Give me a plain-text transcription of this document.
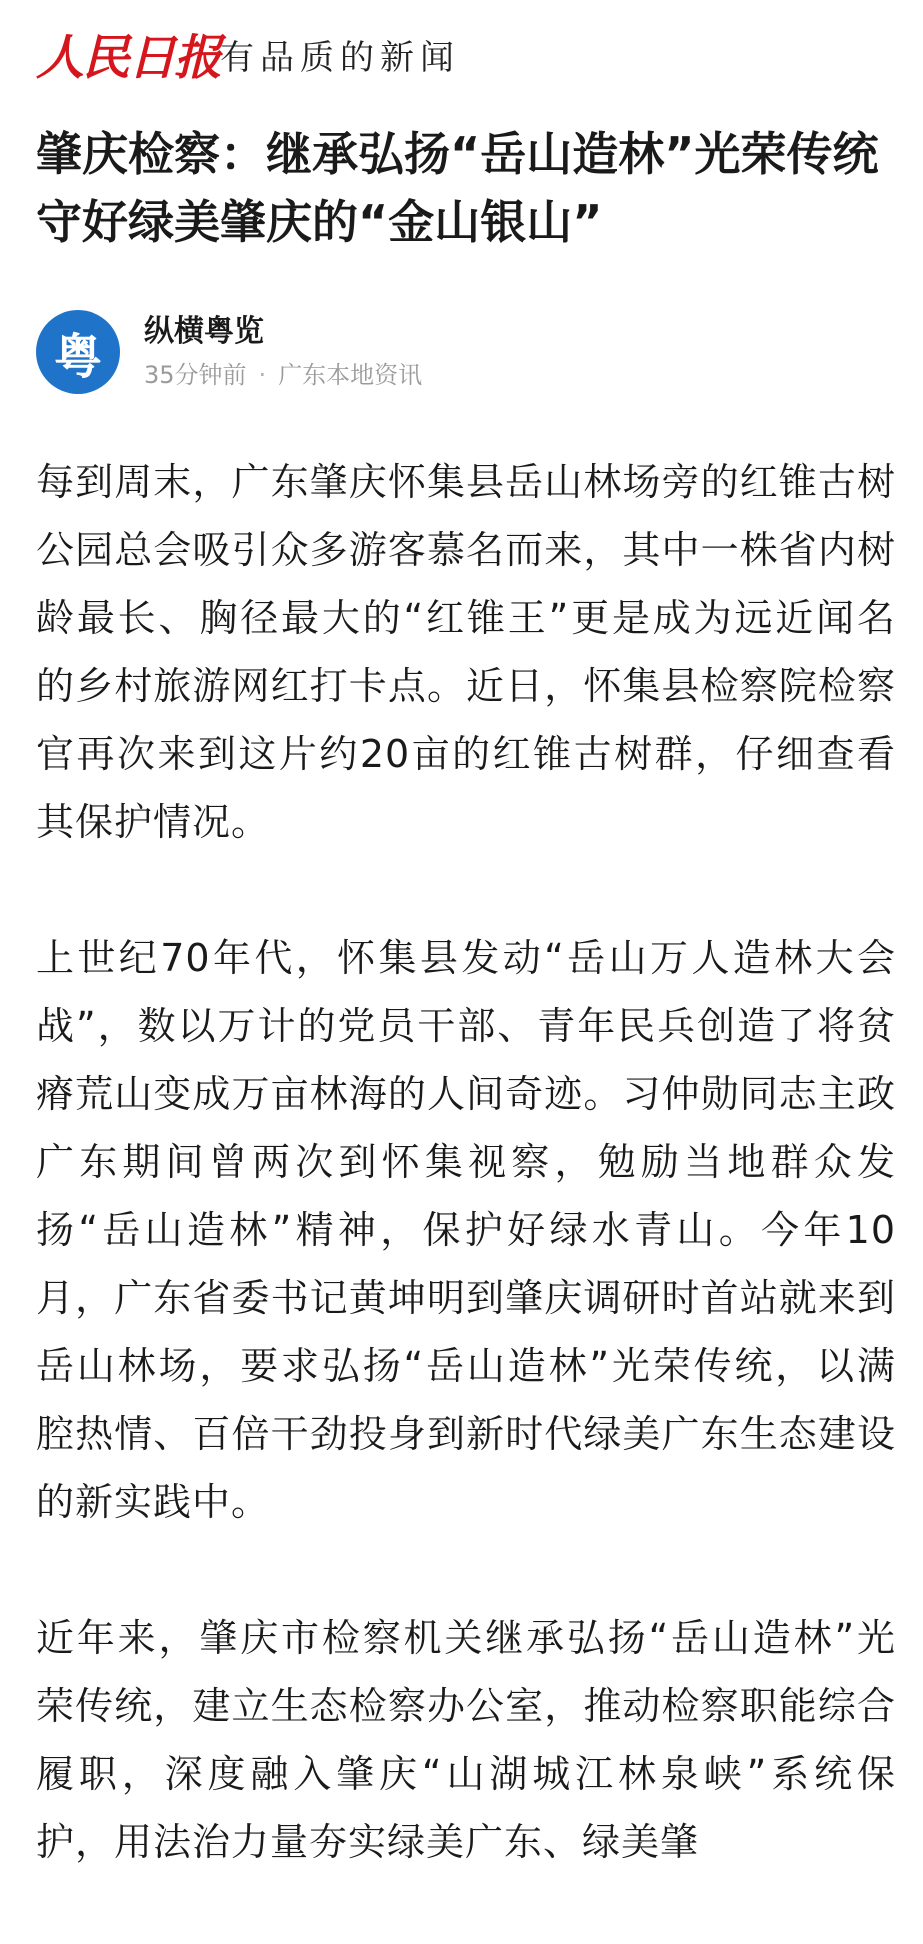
人民日报 有品质的新闻
肇庆检察：继承弘扬“岳山造林”光荣传统 守好绿美肇庆的“金山银山”
粤	纵横粤览
35分钟前 · 广东本地资讯

每到周末，广东肇庆怀集县岳山林场旁的红锥古树公园总会吸引众多游客慕名而来，其中一株省内树龄最长、胸径最大的“红锥王”更是成为远近闻名的乡村旅游网红打卡点。近日，怀集县检察院检察官再次来到这片约20亩的红锥古树群，仔细查看其保护情况。

上世纪70年代，怀集县发动“岳山万人造林大会战”，数以万计的党员干部、青年民兵创造了将贫瘠荒山变成万亩林海的人间奇迹。习仲勋同志主政广东期间曾两次到怀集视察，勉励当地群众发扬“岳山造林”精神，保护好绿水青山。今年10月，广东省委书记黄坤明到肇庆调研时首站就来到岳山林场，要求弘扬“岳山造林”光荣传统，以满腔热情、百倍干劲投身到新时代绿美广东生态建设的新实践中。

近年来，肇庆市检察机关继承弘扬“岳山造林”光荣传统，建立生态检察办公室，推动检察职能综合履职，深度融入肇庆“山湖城江林泉峡”系统保护，用法治力量夯实绿美广东、绿美肇
